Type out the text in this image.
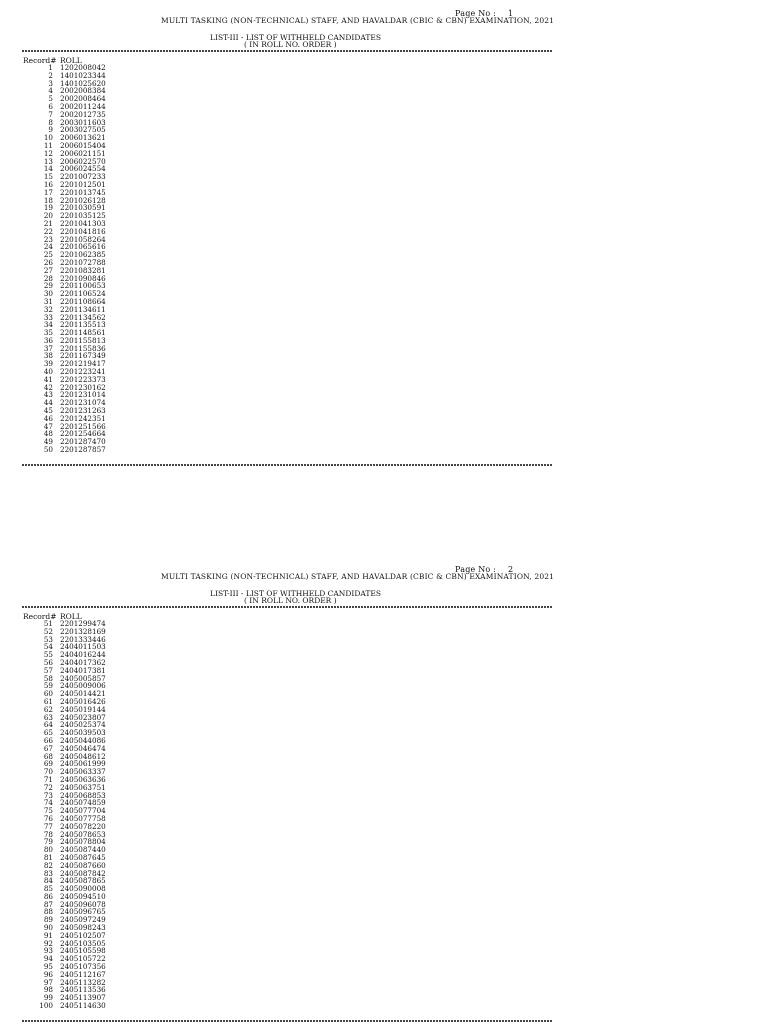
Page No : 1
MULTI TASKING (NON-TECHNICAL) STAFF, AND HAVALDAR (CBIC & CBN) EXAMINATION, 2021
LIST-III - LIST OF WITHHELD CANDIDATES
( IN ROLL NO. ORDER )
Record# ROLL
1 1202008042
2 1401023344
3 1401025620
4 2002008384
5 2002008464
6 2002011244
7 2002012735
8 2003011603
9 2003027505
10 2006013621
11 2006015404
12 2006021151
13 2006022570
14 2006024554
15 2201007233
16 2201012501
17 2201013745
18 2201026128
19 2201030591
20 2201035125
21 2201041303
22 2201041816
23 2201058264
24 2201065616
25 2201062385
26 2201072788
27 2201083281
28 2201090846
29 2201100653
30 2201106524
31 2201108664
32 2201134611
33 2201134562
34 2201135513
35 2201148561
36 2201155813
37 2201155836
38 2201167349
39 2201219417
40 2201223241
41 2201223373
42 2201230162
43 2201231014
44 2201231074
45 2201231263
46 2201242351
47 2201251566
48 2201254664
49 2201287470
50 2201287857
Page No : 2
MULTI TASKING (NON-TECHNICAL) STAFF, AND HAVALDAR (CBIC & CBN) EXAMINATION, 2021
LIST-III - LIST OF WITHHELD CANDIDATES
( IN ROLL NO. ORDER )
Record# ROLL
51 2201299474
52 2201328169
53 2201333446
54 2404011503
55 2404016244
56 2404017362
57 2404017381
58 2405005857
59 2405009006
60 2405014421
61 2405016426
62 2405019144
63 2405023807
64 2405025374
65 2405039503
66 2405044086
67 2405046474
68 2405048612
69 2405061999
70 2405063337
71 2405063636
72 2405063751
73 2405068853
74 2405074859
75 2405077704
76 2405077758
77 2405078220
78 2405078653
79 2405078804
80 2405087440
81 2405087645
82 2405087660
83 2405087842
84 2405087865
85 2405090008
86 2405094510
87 2405096078
88 2405096765
89 2405097249
90 2405098243
91 2405102507
92 2405103505
93 2405105598
94 2405105722
95 2405107356
96 2405112167
97 2405113282
98 2405113536
99 2405113907
100 2405114630
